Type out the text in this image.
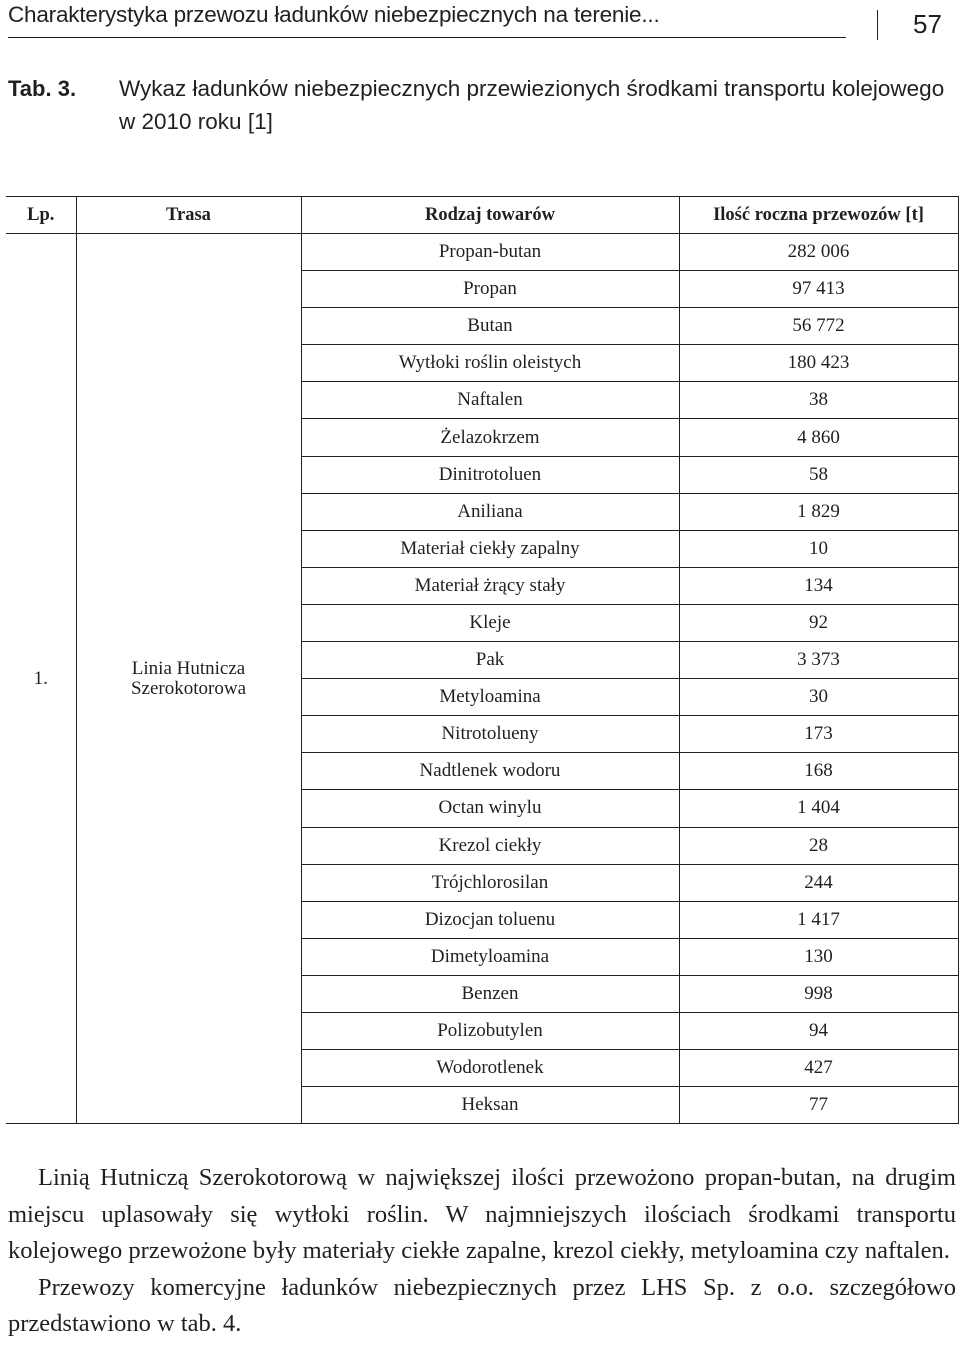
Charakterystyka przewozu ładunków niebezpiecznych na terenie...	57
Tab. 3. Wykaz ładunków niebezpiecznych przewiezionych środkami transportu kolejowego w 2010 roku [1]
Lp.	Trasa	Rodzaj towarów	Ilość roczna przewozów [t]
1.	Linia Hutnicza Szerokotorowa	Propan-butan	282 006
		Propan	97 413
		Butan	56 772
		Wytłoki roślin oleistych	180 423
		Naftalen	38
		Żelazokrzem	4 860
		Dinitrotoluen	58
		Aniliana	1 829
		Materiał ciekły zapalny	10
		Materiał żrący stały	134
		Kleje	92
		Pak	3 373
		Metyloamina	30
		Nitrotolueny	173
		Nadtlenek wodoru	168
		Octan winylu	1 404
		Krezol ciekły	28
		Trójchlorosilan	244
		Dizocjan toluenu	1 417
		Dimetyloamina	130
		Benzen	998
		Polizobutylen	94
		Wodorotlenek	427
		Heksan	77

Linią Hutniczą Szerokotorową w największej ilości przewożono propan-butan, na drugim miejscu uplasowały się wytłoki roślin. W najmniejszych ilościach środkami transportu kolejowego przewożone były materiały ciekłe zapalne, krezol ciekły, metyloamina czy naftalen.

Przewozy komercyjne ładunków niebezpiecznych przez LHS Sp. z o.o. szczegółowo przedstawiono w tab. 4.
